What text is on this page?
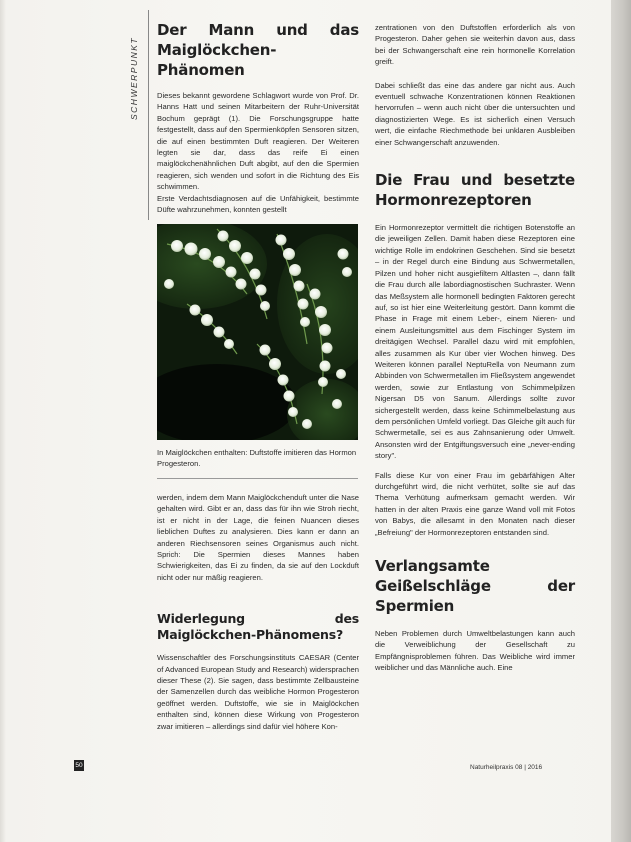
SCHWERPUNKT
Der Mann und das Maiglöckchen-Phänomen

Dieses bekannt gewordene Schlagwort wurde von Prof. Dr. Hanns Hatt und seinen Mitarbeitern der Ruhr-Universität Bochum geprägt (1). Die Forschungsgruppe hatte festgestellt, dass auf den Spermienköpfen Sensoren sitzen, die auf einen bestimmten Duft reagieren. Der Weiteren legten sie dar, dass das reife Ei einen maiglöckchenähnlichen Duft abgibt, auf den die Spermien reagieren, sich wenden und sofort in die Richtung des Eis schwimmen.

Erste Verdachtsdiagnosen auf die Unfähigkeit, bestimmte Düfte wahrzunehmen, konnten gestellt

In Maiglöckchen enthalten: Duftstoffe imitieren das Hormon Progesteron.

werden, indem dem Mann Maiglöckchenduft unter die Nase gehalten wird. Gibt er an, dass das für ihn wie Stroh riecht, ist er nicht in der Lage, die feinen Nuancen dieses lieblichen Duftes zu analysieren. Dies kann er dann an anderen Riechsensoren seines Organismus auch nicht. Sprich: Die Spermien dieses Mannes haben Schwierigkeiten, das Ei zu finden, da sie auf den Lockduft nicht oder nur mäßig reagieren.

Widerlegung des Maiglöckchen-Phänomens?

Wissenschaftler des Forschungsinstituts CAESAR (Center of Advanced European Study and Research) widersprachen dieser These (2). Sie sagen, dass bestimmte Zellbausteine der Samenzellen durch das weibliche Hormon Progesteron geöffnet werden. Duftstoffe, wie sie in Maiglöckchen enthalten sind, können diese Wirkung von Progesteron zwar imitieren – allerdings sind dafür viel höhere Kon-

zentrationen von den Duftstoffen erforderlich als von Progesteron. Daher gehen sie weiterhin davon aus, dass bei der Schwangerschaft eine rein hormonelle Korrelation greift.

Dabei schließt das eine das andere gar nicht aus. Auch eventuell schwache Konzentrationen können Reaktionen hervorrufen – wenn auch nicht über die untersuchten und diagnostizierten Wege. Es ist sicherlich einen Versuch wert, die einfache Riechmethode bei unklaren Ausbleiben einer Schwangerschaft anzuwenden.

Die Frau und besetzte Hormonrezeptoren

Ein Hormonrezeptor vermittelt die richtigen Botenstoffe an die jeweiligen Zellen. Damit haben diese Rezeptoren eine wichtige Rolle im endokrinen Geschehen. Sind sie besetzt – in der Regel durch eine Bindung aus Schwermetallen, Pilzen und hoher nicht ausgiefiltern Altlasten –, dann fällt die Frau durch alle labordiagnostischen Suchraster. Wenn das Meßsystem alle hormonell bedingten Faktoren gerecht auf, so ist hier eine Weiterleitung gestört. Dann kommt die Phase in Frage mit einem Leber-, einem Nieren- und einem Ausleitungsmittel aus dem Fischinger System im dreitägigen Wechsel. Parallel dazu wird mit empfohlen, alles zusammen als Kur über vier Wochen hinweg. Des Weiteren können parallel NeptuRella von Neumann zum Abbinden von Schwermetallen im Fließsystem angewendet werden, sowie zur Entlastung von Schimmelpilzen Nigersan D5 von Sanum. Allerdings sollte zuvor sichergestellt werden, dass keine Schimmelbelastung aus dem persönlichen Umfeld vorliegt. Das Gleiche gilt auch für Schwermetalle, sei es aus Zahnsanierung oder Umwelt. Ansonsten wird der Entgiftungsversuch eine „never-ending story".

Falls diese Kur von einer Frau im gebärfähigen Alter durchgeführt wird, die nicht verhütet, sollte sie auf das Thema Verhütung aufmerksam gemacht werden. Wir hatten in der alten Praxis eine ganze Wand voll mit Fotos von Babys, die allesamt in den Monaten nach dieser „Befreiung" der Hormonrezeptoren entstanden sind.

Verlangsamte Geißelschläge der Spermien

Neben Problemen durch Umweltbelastungen kann auch die Verweiblichung der Gesellschaft zu Empfängnisproblemen führen. Das Weibliche wird immer weiblicher und das Männliche auch. Eine

50	Naturheilpraxis 08 | 2016
